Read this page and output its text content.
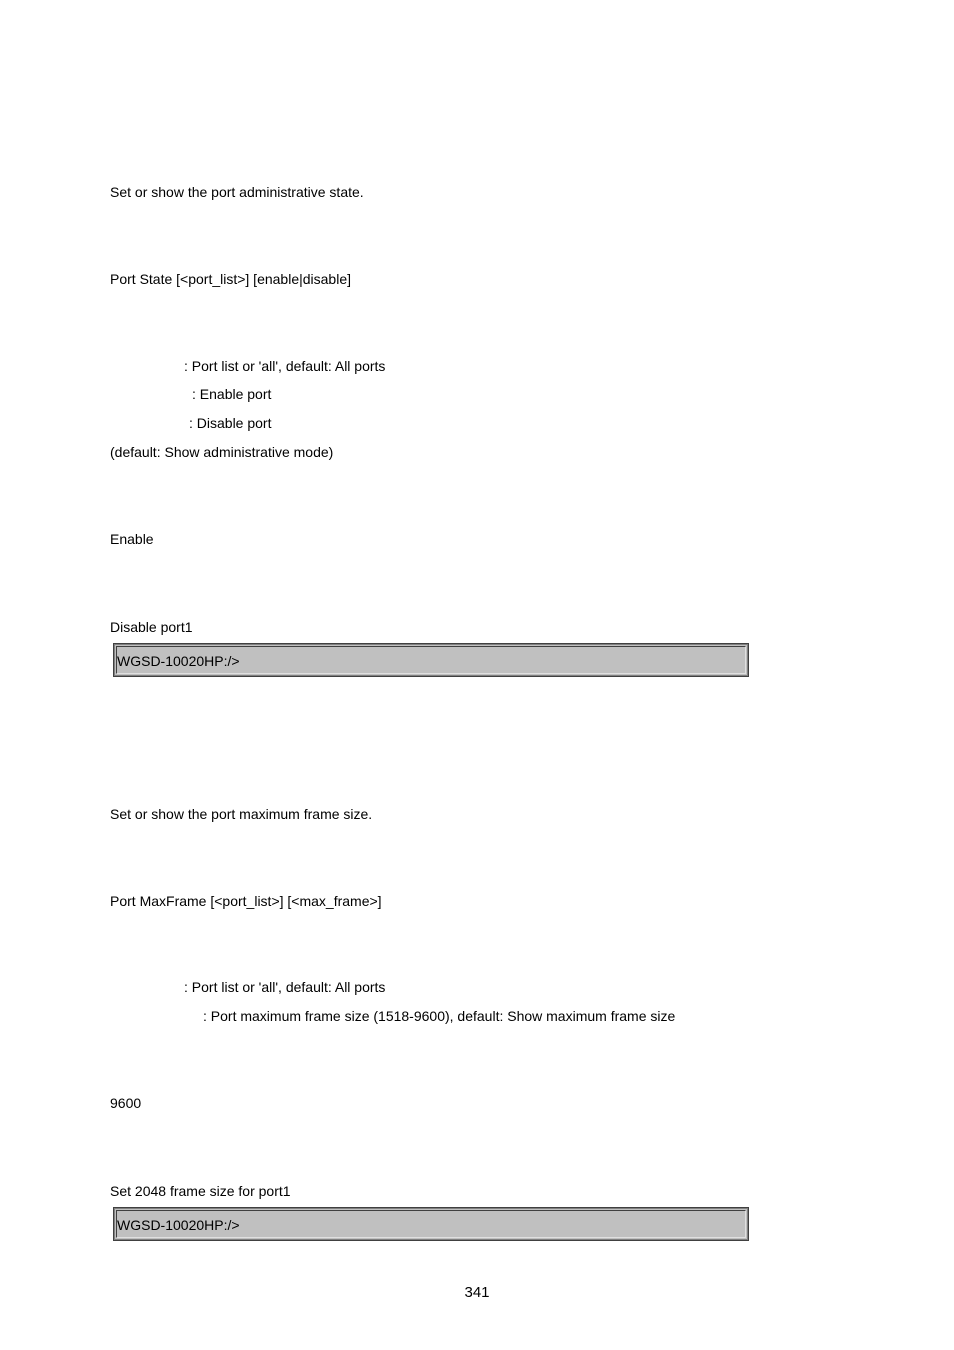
Set or show the port administrative state.
Port State [<port_list>] [enable|disable]
: Port list or 'all', default: All ports
: Enable port
: Disable port
(default: Show administrative mode)
Enable
Disable port1
WGSD-10020HP:/>
Set or show the port maximum frame size.
Port MaxFrame [<port_list>] [<max_frame>]
: Port list or 'all', default: All ports
: Port maximum frame size (1518-9600), default: Show maximum frame size
9600
Set 2048 frame size for port1
WGSD-10020HP:/>
341
